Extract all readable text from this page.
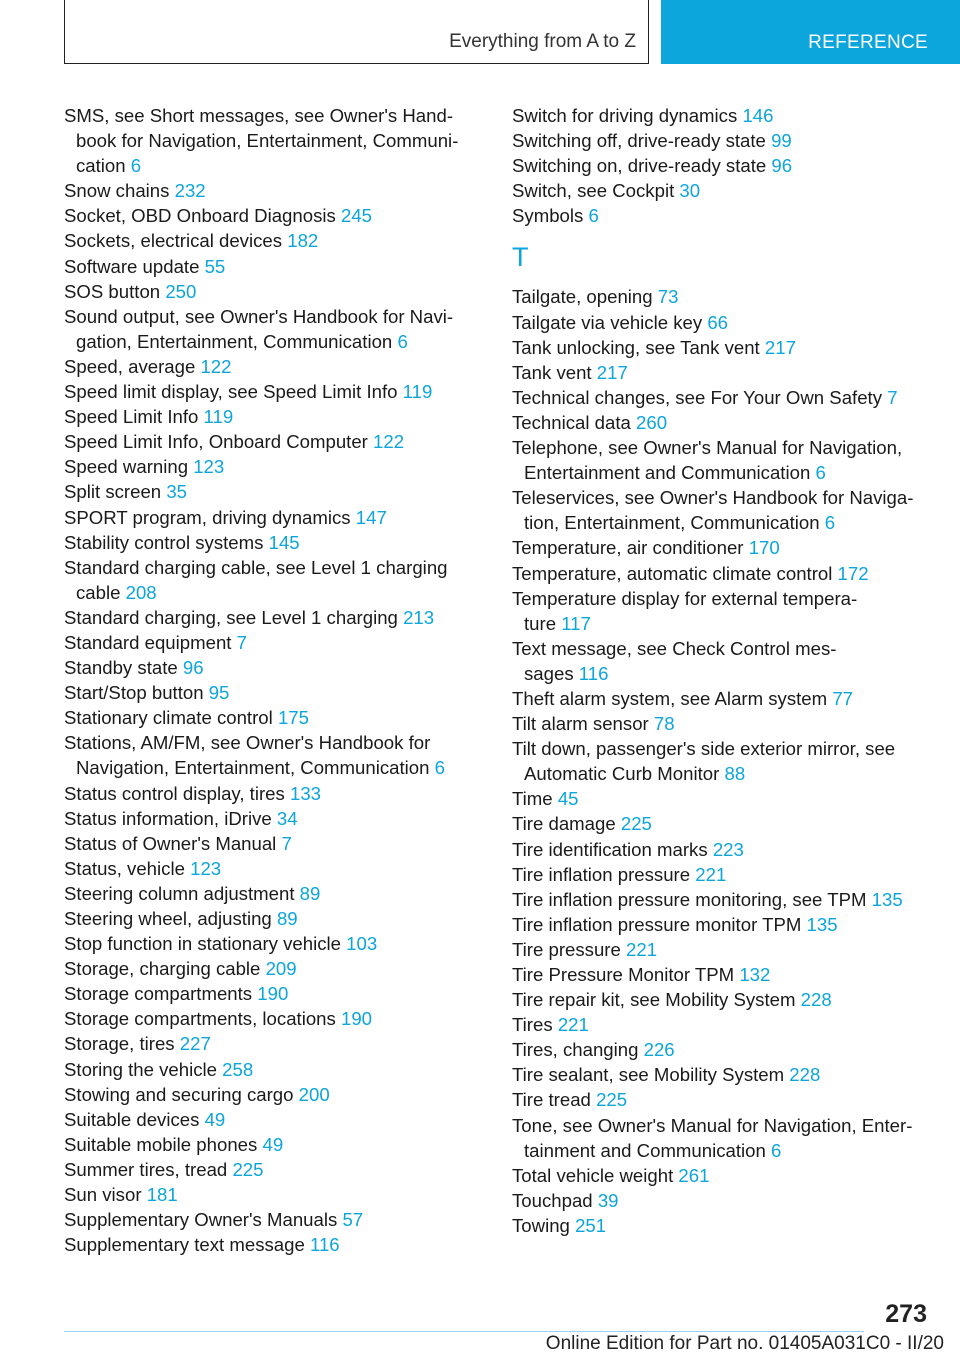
Everything from A to Z	REFERENCE
SMS, see Short messages, see Owner's Hand-
book for Navigation, Entertainment, Communi-
cation 6
Snow chains 232
Socket, OBD Onboard Diagnosis 245
Sockets, electrical devices 182
Software update 55
SOS button 250
Sound output, see Owner's Handbook for Navi-
gation, Entertainment, Communication 6
Speed, average 122
Speed limit display, see Speed Limit Info 119
Speed Limit Info 119
Speed Limit Info, Onboard Computer 122
Speed warning 123
Split screen 35
SPORT program, driving dynamics 147
Stability control systems 145
Standard charging cable, see Level 1 charging
cable 208
Standard charging, see Level 1 charging 213
Standard equipment 7
Standby state 96
Start/Stop button 95
Stationary climate control 175
Stations, AM/FM, see Owner's Handbook for
Navigation, Entertainment, Communication 6
Status control display, tires 133
Status information, iDrive 34
Status of Owner's Manual 7
Status, vehicle 123
Steering column adjustment 89
Steering wheel, adjusting 89
Stop function in stationary vehicle 103
Storage, charging cable 209
Storage compartments 190
Storage compartments, locations 190
Storage, tires 227
Storing the vehicle 258
Stowing and securing cargo 200
Suitable devices 49
Suitable mobile phones 49
Summer tires, tread 225
Sun visor 181
Supplementary Owner's Manuals 57
Supplementary text message 116
Switch for driving dynamics 146
Switching off, drive-ready state 99
Switching on, drive-ready state 96
Switch, see Cockpit 30
Symbols 6
T
Tailgate, opening 73
Tailgate via vehicle key 66
Tank unlocking, see Tank vent 217
Tank vent 217
Technical changes, see For Your Own Safety 7
Technical data 260
Telephone, see Owner's Manual for Navigation,
Entertainment and Communication 6
Teleservices, see Owner's Handbook for Naviga-
tion, Entertainment, Communication 6
Temperature, air conditioner 170
Temperature, automatic climate control 172
Temperature display for external tempera-
ture 117
Text message, see Check Control mes-
sages 116
Theft alarm system, see Alarm system 77
Tilt alarm sensor 78
Tilt down, passenger's side exterior mirror, see
Automatic Curb Monitor 88
Time 45
Tire damage 225
Tire identification marks 223
Tire inflation pressure 221
Tire inflation pressure monitoring, see TPM 135
Tire inflation pressure monitor TPM 135
Tire pressure 221
Tire Pressure Monitor TPM 132
Tire repair kit, see Mobility System 228
Tires 221
Tires, changing 226
Tire sealant, see Mobility System 228
Tire tread 225
Tone, see Owner's Manual for Navigation, Enter-
tainment and Communication 6
Total vehicle weight 261
Touchpad 39
Towing 251
273
Online Edition for Part no. 01405A031C0 - II/20
